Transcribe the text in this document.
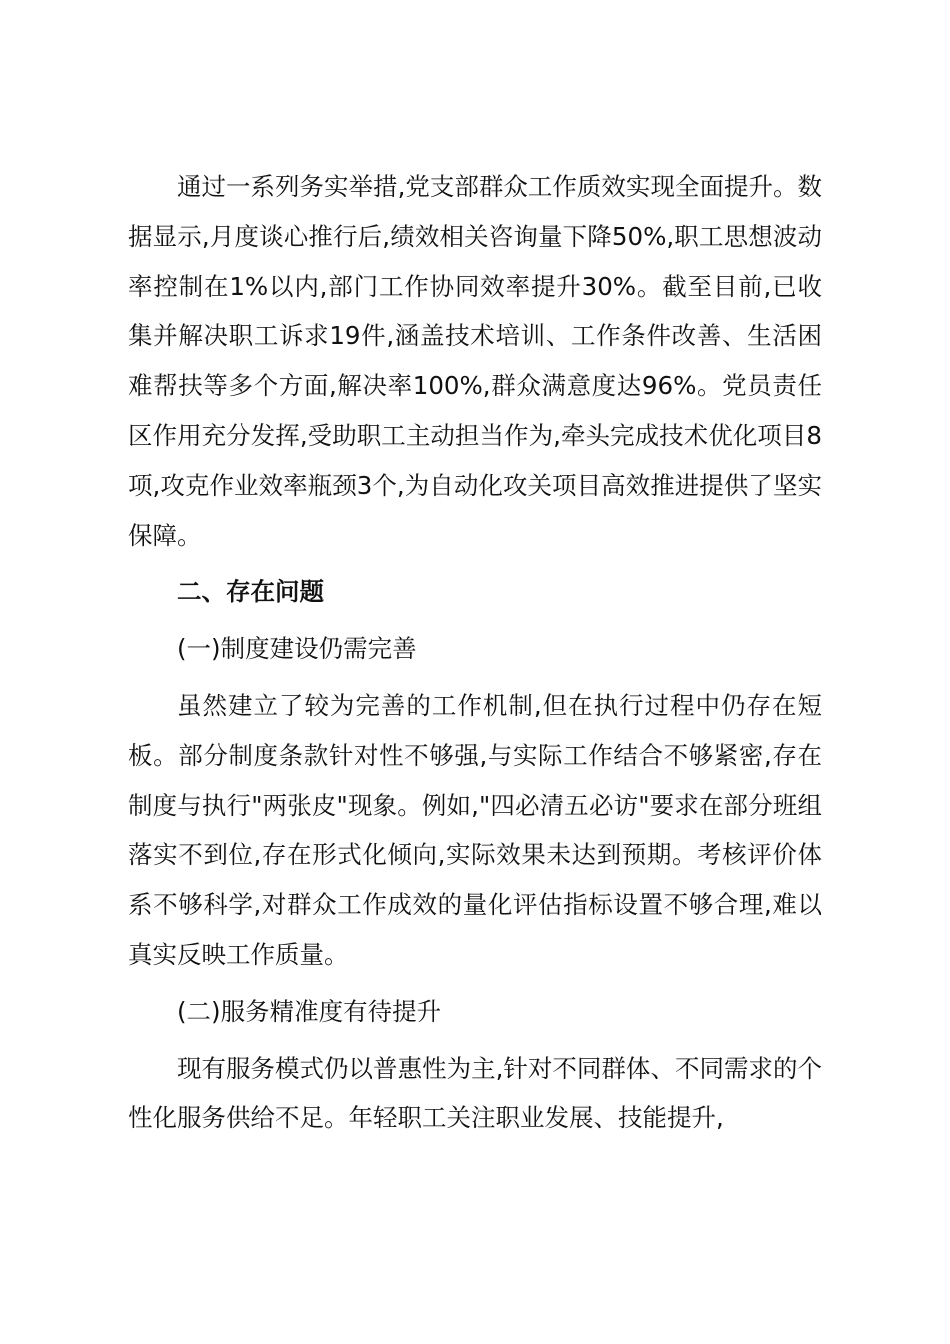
通过一系列务实举措,党支部群众工作质效实现全面提升。数据显示,月度谈心推行后,绩效相关咨询量下降50%,职工思想波动率控制在1%以内,部门工作协同效率提升30%。截至目前,已收集并解决职工诉求19件,涵盖技术培训、工作条件改善、生活困难帮扶等多个方面,解决率100%,群众满意度达96%。党员责任区作用充分发挥,受助职工主动担当作为,牵头完成技术优化项目8项,攻克作业效率瓶颈3个,为自动化攻关项目高效推进提供了坚实保障。

二、存在问题

(一)制度建设仍需完善

虽然建立了较为完善的工作机制,但在执行过程中仍存在短板。部分制度条款针对性不够强,与实际工作结合不够紧密,存在制度与执行"两张皮"现象。例如,"四必清五必访"要求在部分班组落实不到位,存在形式化倾向,实际效果未达到预期。考核评价体系不够科学,对群众工作成效的量化评估指标设置不够合理,难以真实反映工作质量。

(二)服务精准度有待提升

现有服务模式仍以普惠性为主,针对不同群体、不同需求的个性化服务供给不足。年轻职工关注职业发展、技能提升,
